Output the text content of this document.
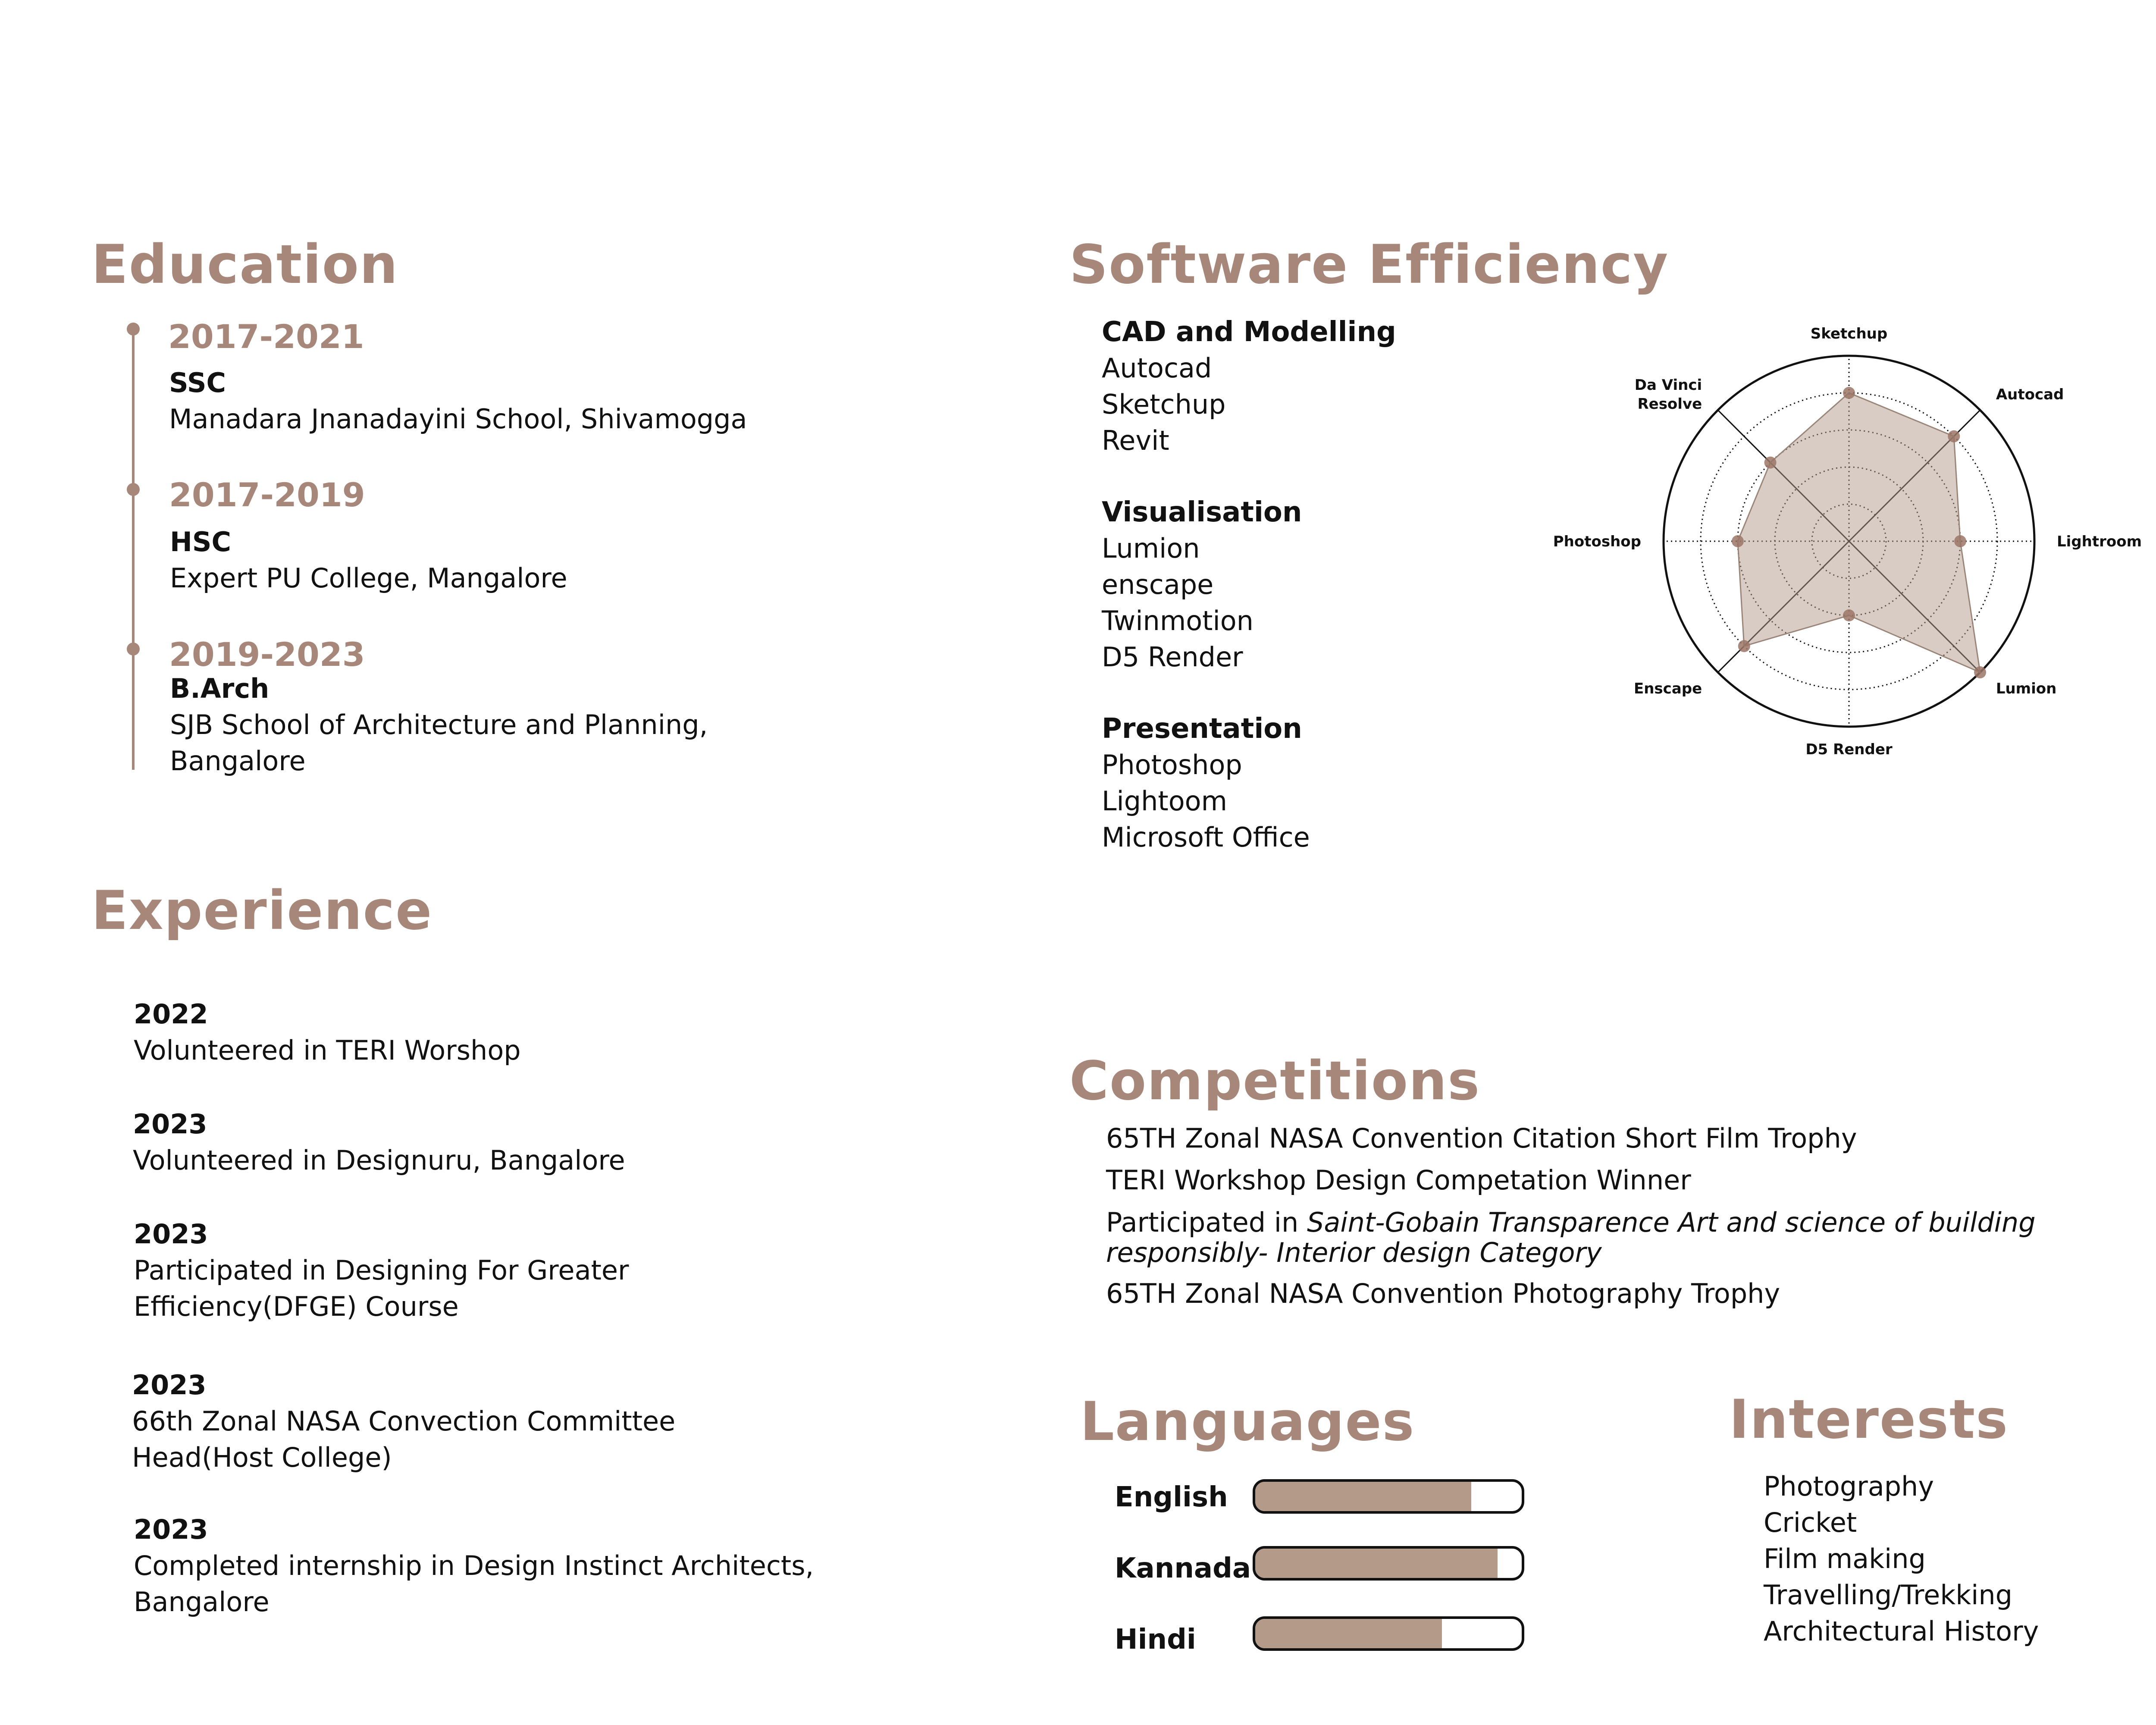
Education
2017-2021
SSC
Manadara Jnanadayini School, Shivamogga
2017-2019
HSC
Expert PU College, Mangalore
2019-2023
B.Arch
SJB School of Architecture and Planning,
Bangalore
Software Efficiency
CAD and Modelling
Autocad
Sketchup
Revit
Visualisation
Lumion
enscape
Twinmotion
D5 Render
Presentation
Photoshop
Lightoom
Microsoft Office
Sketchup
Autocad
Lightroom
Lumion
D5 Render
Enscape
Photoshop
Da Vinci Resolve
Experience
2022
Volunteered in TERI Worshop
2023
Volunteered in Designuru, Bangalore
2023
Participated in Designing For Greater
Efficiency(DFGE) Course
2023
66th Zonal NASA Convection Committee
Head(Host College)
2023
Completed internship in Design Instinct Architects,
Bangalore
Competitions
65TH Zonal NASA Convention Citation Short Film Trophy
TERI Workshop Design Competation Winner
Participated in Saint-Gobain Transparence Art and science of building
responsibly- Interior design Category
65TH Zonal NASA Convention Photography Trophy
Languages
English
Kannada
Hindi
Interests
Photography
Cricket
Film making
Travelling/Trekking
Architectural History
